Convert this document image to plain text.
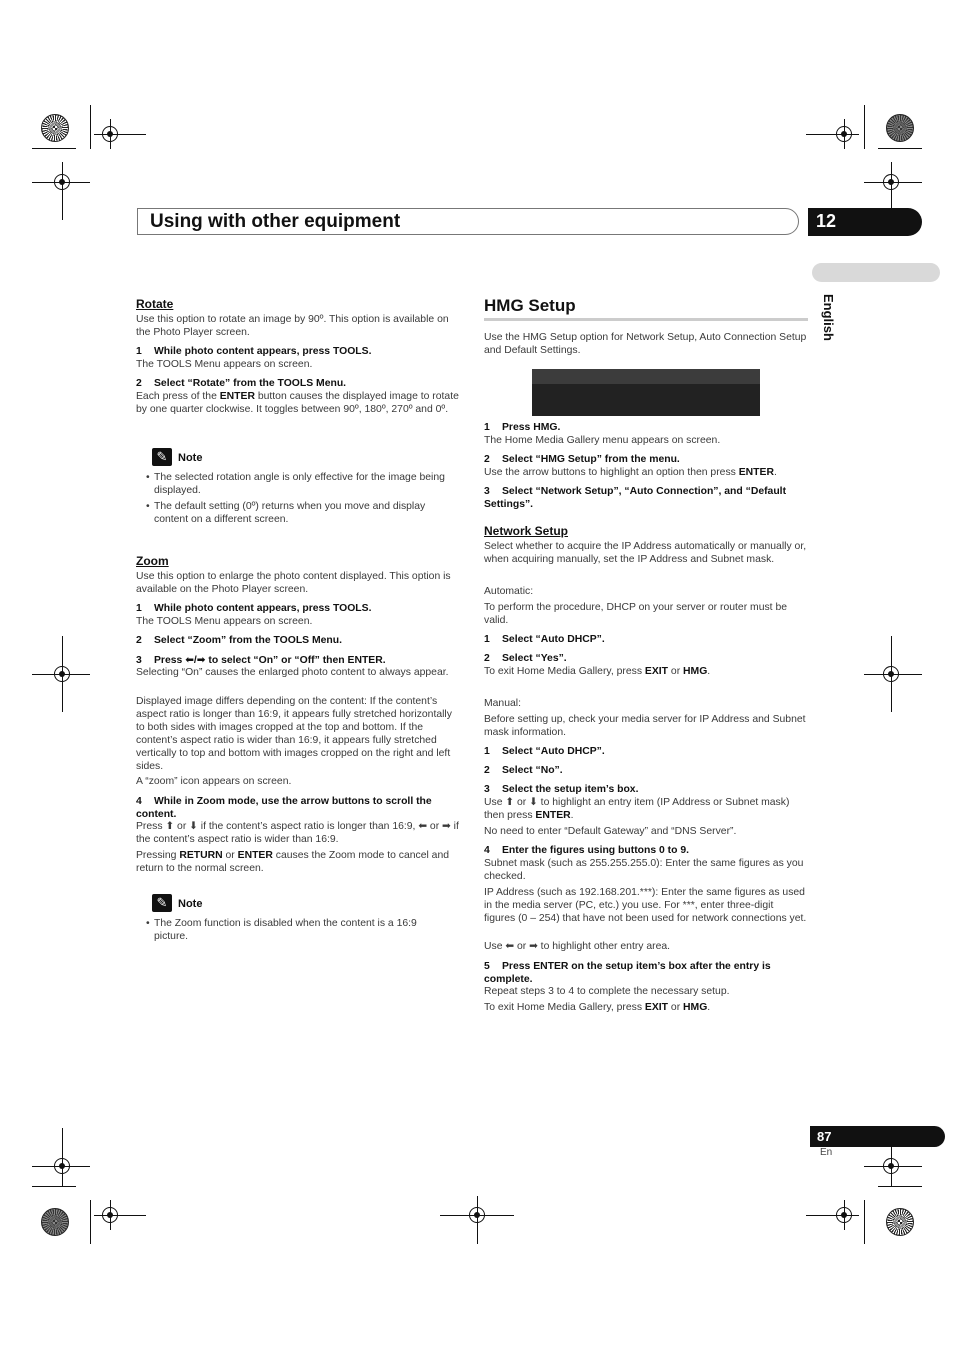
Using with other equipment	12
English
Rotate
Use this option to rotate an image by 90º. This option is available on the Photo Player screen.
1 While photo content appears, press TOOLS.
The TOOLS Menu appears on screen.
2 Select “Rotate” from the TOOLS Menu.
Each press of the ENTER button causes the displayed image to rotate by one quarter clockwise. It toggles between 90º, 180º, 270º and 0º.
✎ Note
• The selected rotation angle is only effective for the image being displayed.
• The default setting (0º) returns when you move and display content on a different screen.
Zoom
Use this option to enlarge the photo content displayed. This option is available on the Photo Player screen.
1 While photo content appears, press TOOLS.
The TOOLS Menu appears on screen.
2 Select “Zoom” from the TOOLS Menu.
3 Press ⬅/➡ to select “On” or “Off” then ENTER.
Selecting “On” causes the enlarged photo content to always appear.
Displayed image differs depending on the content: If the content’s aspect ratio is longer than 16:9, it appears fully stretched horizontally to both sides with images cropped at the top and bottom. If the content’s aspect ratio is wider than 16:9, it appears fully stretched vertically to top and bottom with images cropped on the right and left sides.
A “zoom” icon appears on screen.
4 While in Zoom mode, use the arrow buttons to scroll the content.
Press ⬆ or ⬇ if the content’s aspect ratio is longer than 16:9, ⬅ or ➡ if the content’s aspect ratio is wider than 16:9.
Pressing RETURN or ENTER causes the Zoom mode to cancel and return to the normal screen.
✎ Note
• The Zoom function is disabled when the content is a 16:9 picture.
HMG Setup
Use the HMG Setup option for Network Setup, Auto Connection Setup and Default Settings.
1 Press HMG.
The Home Media Gallery menu appears on screen.
2 Select “HMG Setup” from the menu.
Use the arrow buttons to highlight an option then press ENTER.
3 Select “Network Setup”, “Auto Connection”, and “Default Settings”.
Network Setup
Select whether to acquire the IP Address automatically or manually or, when acquiring manually, set the IP Address and Subnet mask.
Automatic:
To perform the procedure, DHCP on your server or router must be valid.
1 Select “Auto DHCP”.
2 Select “Yes”.
To exit Home Media Gallery, press EXIT or HMG.
Manual:
Before setting up, check your media server for IP Address and Subnet mask information.
1 Select “Auto DHCP”.
2 Select “No”.
3 Select the setup item’s box.
Use ⬆ or ⬇ to highlight an entry item (IP Address or Subnet mask) then press ENTER.
No need to enter “Default Gateway” and “DNS Server”.
4 Enter the figures using buttons 0 to 9.
Subnet mask (such as 255.255.255.0): Enter the same figures as you checked.
IP Address (such as 192.168.201.***): Enter the same figures as used in the media server (PC, etc.) you use. For ***, enter three-digit figures (0 – 254) that have not been used for network connections yet.
Use ⬅ or ➡ to highlight other entry area.
5 Press ENTER on the setup item’s box after the entry is complete.
Repeat steps 3 to 4 to complete the necessary setup.
To exit Home Media Gallery, press EXIT or HMG.
87
En
